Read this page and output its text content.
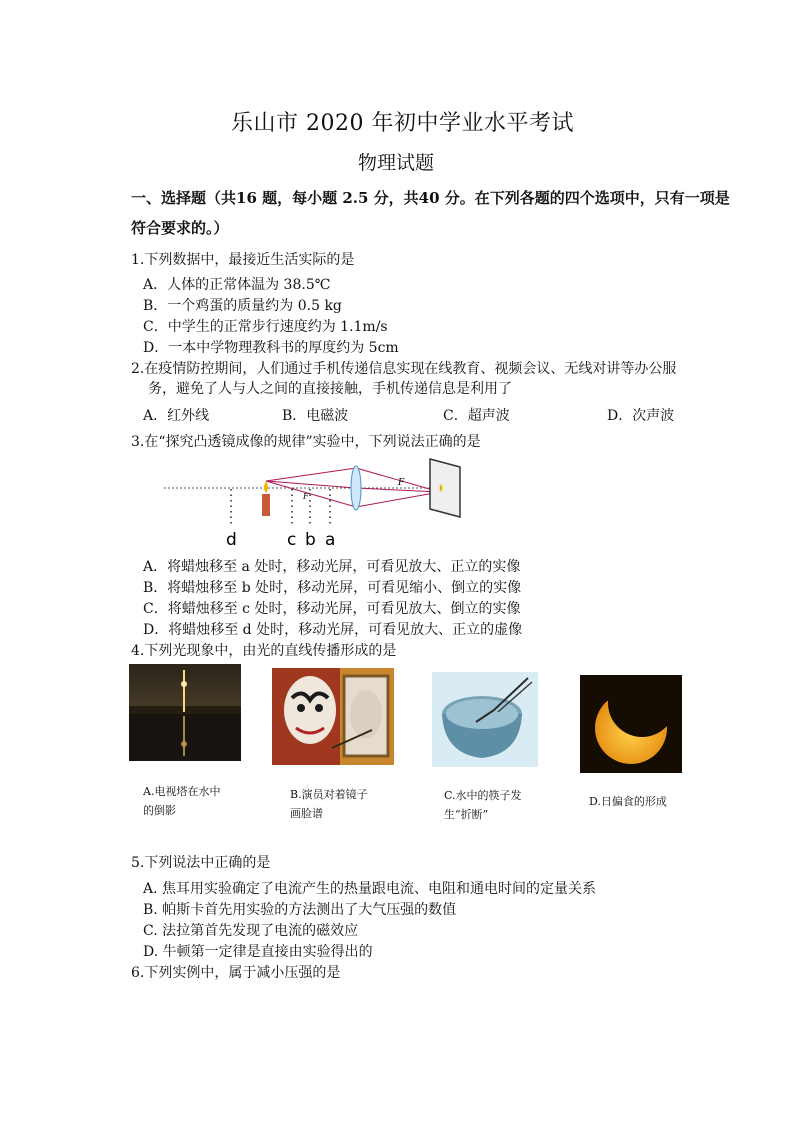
乐山市 2020 年初中学业水平考试
物理试题
一、选择题（共16 题，每小题 2.5 分，共40 分。在下列各题的四个选项中，只有一项是
符合要求的。）
1.下列数据中，最接近生活实际的是
A．人体的正常体温为 38.5℃
B．一个鸡蛋的质量约为 0.5 kg
C．中学生的正常步行速度约为 1.1m/s
D．一本中学物理教科书的厚度约为 5cm
2.在疫情防控期间，人们通过手机传递信息实现在线教育、视频会议、无线对讲等办公服
务，避免了人与人之间的直接接触，手机传递信息是利用了
A．红外线	B．电磁波	C．超声波	D．次声波
3.在“探究凸透镜成像的规律”实验中，下列说法正确的是
F
F
d	c b a
A．将蜡烛移至 a 处时，移动光屏，可看见放大、正立的实像
B．将蜡烛移至 b 处时，移动光屏，可看见缩小、倒立的实像
C．将蜡烛移至 c 处时，移动光屏，可看见放大、倒立的实像
D．将蜡烛移至 d 处时，移动光屏，可看见放大、正立的虚像
4.下列光现象中，由光的直线传播形成的是
A.电视塔在水中
的倒影
B.演员对着镜子
画脸谱
C.水中的筷子发
生“折断”
D.日偏食的形成
5.下列说法中正确的是
A. 焦耳用实验确定了电流产生的热量跟电流、电阻和通电时间的定量关系
B. 帕斯卡首先用实验的方法测出了大气压强的数值
C. 法拉第首先发现了电流的磁效应
D. 牛顿第一定律是直接由实验得出的
6.下列实例中，属于减小压强的是
